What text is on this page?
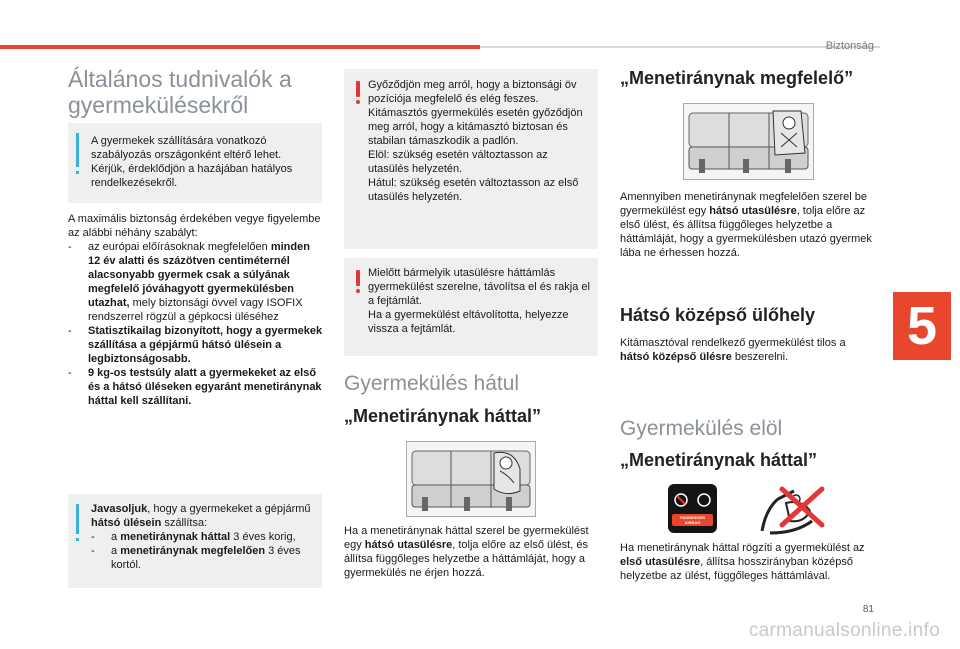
Biztonság
5
81
Általános tudnivalók a gyermekülésekről
A gyermekek szállítására vonatkozó szabályozás országonként eltérő lehet. Kérjük, érdeklődjön a hazájában hatályos rendelkezésekről.
A maximális biztonság érdekében vegye figyelembe az alábbi néhány szabályt:
- az európai előírásoknak megfelelően minden 12 év alatti és százötven centiméternél alacsonyabb gyermek csak a súlyának megfelelő jóváhagyott gyermekülésben utazhat, mely biztonsági övvel vagy ISOFIX rendszerrel rögzül a gépkocsi üléséhez
- Statisztikailag bizonyított, hogy a gyermekek szállítása a gépjármű hátsó ülésein a legbiztonságosabb.
- 9 kg-os testsúly alatt a gyermekeket az első és a hátsó üléseken egyaránt menetiránynak háttal kell szállítani.
Javasoljuk, hogy a gyermekeket a gépjármű hátsó ülésein szállítsa:
- a menetiránynak háttal 3 éves korig,
- a menetiránynak megfelelően 3 éves kortól.
Győződjön meg arról, hogy a biztonsági öv pozíciója megfelelő és elég feszes. Kitámasztós gyermekülés esetén győződjön meg arról, hogy a kitámasztó biztosan és stabilan támaszkodik a padlón.
Elöl: szükség esetén változtasson az utasülés helyzetén.
Hátul: szükség esetén változtasson az első utasülés helyzetén.
Mielőtt bármelyik utasülésre háttámlás gyermekülést szerelne, távolítsa el és rakja el a fejtámlát.
Ha a gyermekülést eltávolította, helyezze vissza a fejtámlát.
Gyermekülés hátul
„Menetiránynak háttal”
Ha a menetiránynak háttal szerel be gyermekülést egy hátsó utasülésre, tolja előre az első ülést, és állítsa függőleges helyzetbe a háttámláját, hogy a gyermekülés ne érjen hozzá.
„Menetiránynak megfelelő”
Amennyiben menetiránynak megfelelően szerel be gyermekülést egy hátsó utasülésre, tolja előre az első ülést, és állítsa függőleges helyzetbe a háttámláját, hogy a gyermekülésben utazó gyermek lába ne érhessen hozzá.
Hátsó középső ülőhely
Kitámasztóval rendelkező gyermekülést tilos a hátsó középső ülésre beszerelni.
Gyermekülés elöl
„Menetiránynak háttal”
PASSENGER AIRBAG
Ha menetiránynak háttal rögzíti a gyermekülést az első utasülésre, állítsa hosszirányban középső helyzetbe az ülést, függőleges háttámlával.
carmanualsonline.info
